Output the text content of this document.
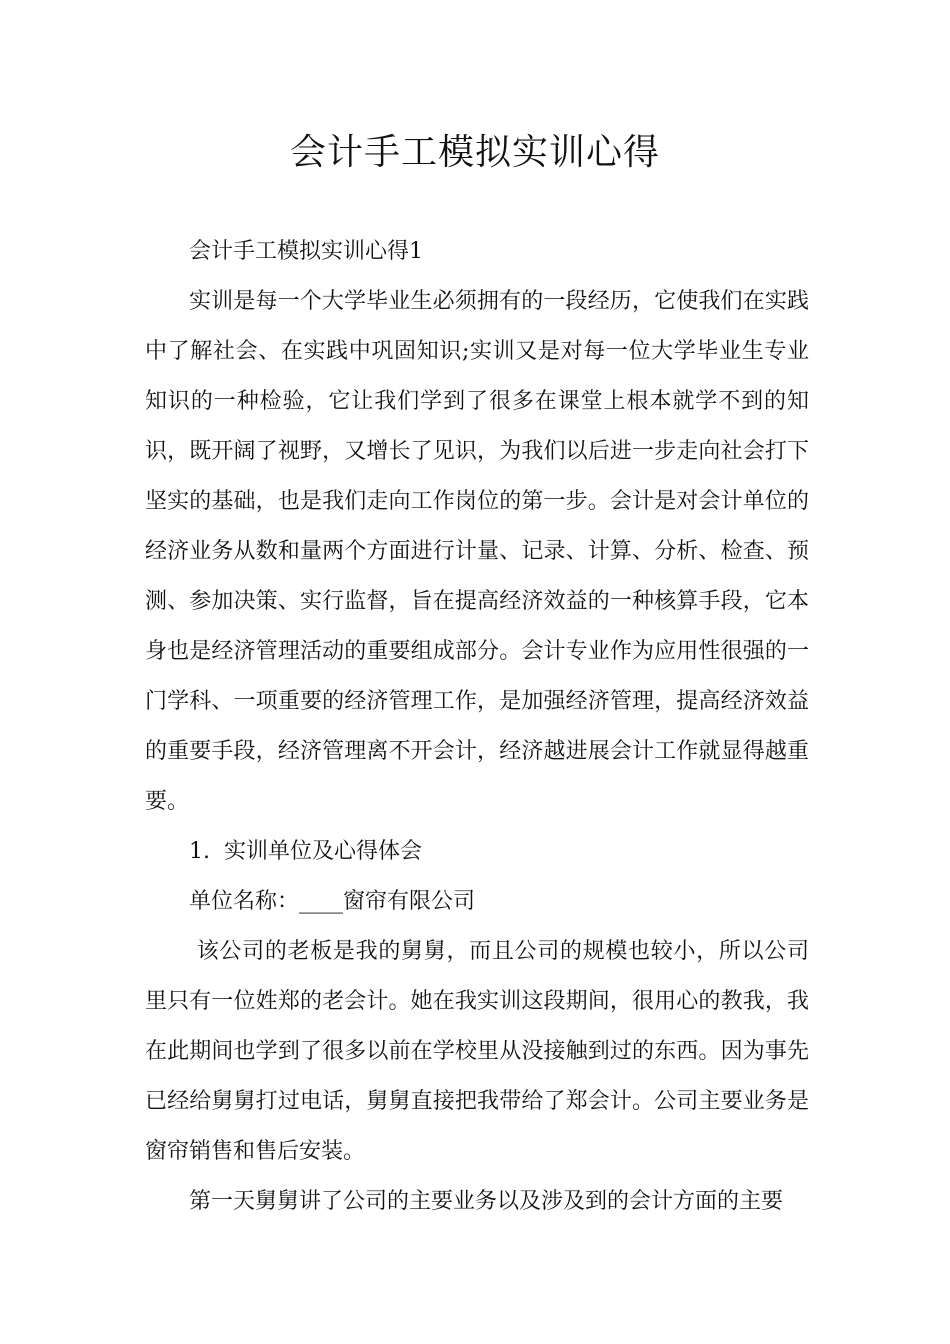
会计手工模拟实训心得

会计手工模拟实训心得1

实训是每一个大学毕业生必须拥有的一段经历，它使我们在实践中了解社会、在实践中巩固知识;实训又是对每一位大学毕业生专业知识的一种检验，它让我们学到了很多在课堂上根本就学不到的知识，既开阔了视野，又增长了见识，为我们以后进一步走向社会打下坚实的基础，也是我们走向工作岗位的第一步。会计是对会计单位的经济业务从数和量两个方面进行计量、记录、计算、分析、检查、预测、参加决策、实行监督，旨在提高经济效益的一种核算手段，它本身也是经济管理活动的重要组成部分。会计专业作为应用性很强的一门学科、一项重要的经济管理工作，是加强经济管理，提高经济效益的重要手段，经济管理离不开会计，经济越进展会计工作就显得越重要。

1.  实训单位及心得体会

单位名称：____窗帘有限公司

该公司的老板是我的舅舅，而且公司的规模也较小，所以公司里只有一位姓郑的老会计。她在我实训这段期间，很用心的教我，我在此期间也学到了很多以前在学校里从没接触到过的东西。因为事先已经给舅舅打过电话，舅舅直接把我带给了郑会计。公司主要业务是窗帘销售和售后安装。

第一天舅舅讲了公司的主要业务以及涉及到的会计方面的主要
